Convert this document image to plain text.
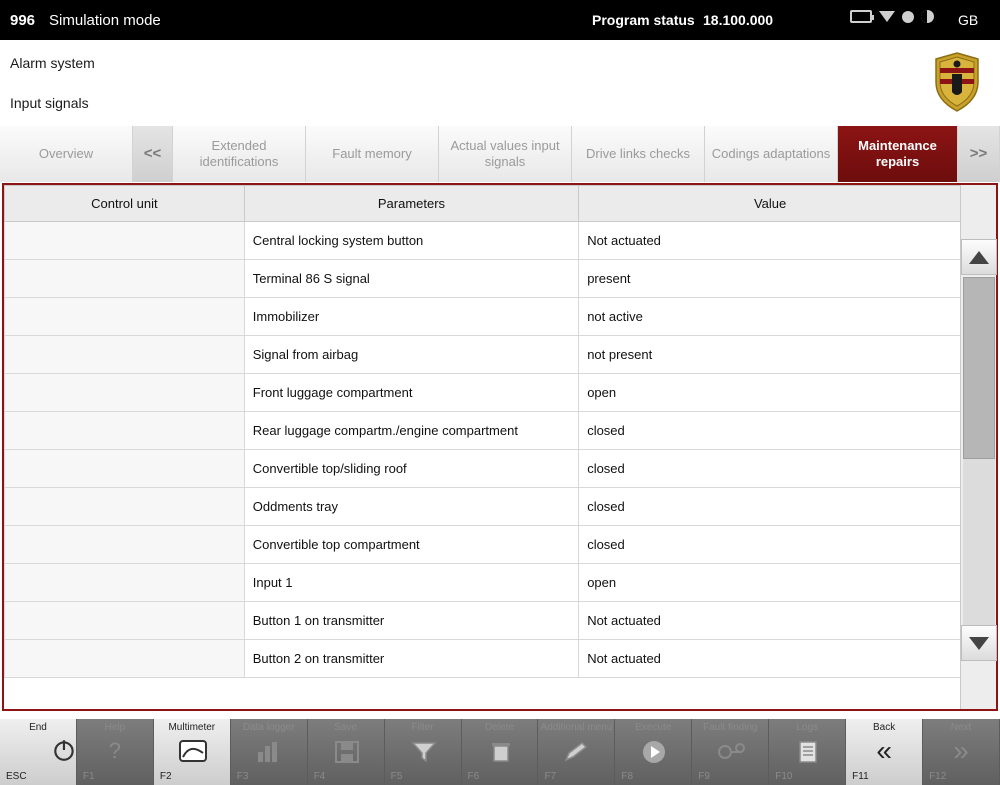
996 Simulation mode	Program status 18.100.000	GB
Alarm system
Input signals
Overview	<<	Extended identifications
Fault memory
Actual values input signals
Drive links checks	Codings adaptations
Maintenance repairs	>>
Control unit	Parameters	Value
	Central locking system button	Not actuated
	Terminal 86 S signal	present
	Immobilizer	not active
	Signal from airbag	not present
	Front luggage compartment	open
	Rear luggage compartm./engine compartment	closed
	Convertible top/sliding roof	closed
	Oddments tray	closed
	Convertible top compartment	closed
	Input 1	open
	Button 1 on transmitter	Not actuated
	Button 2 on transmitter	Not actuated
End
ESC
Help
?
F1
Multimeter
F2
Data logger
F3
Save
F4
Filter
F5
Delete
F6
Additional menu
F7
Execute
F8
Fault finding
F9
Logs
F10
Back
«
F11
Next
»
F12
